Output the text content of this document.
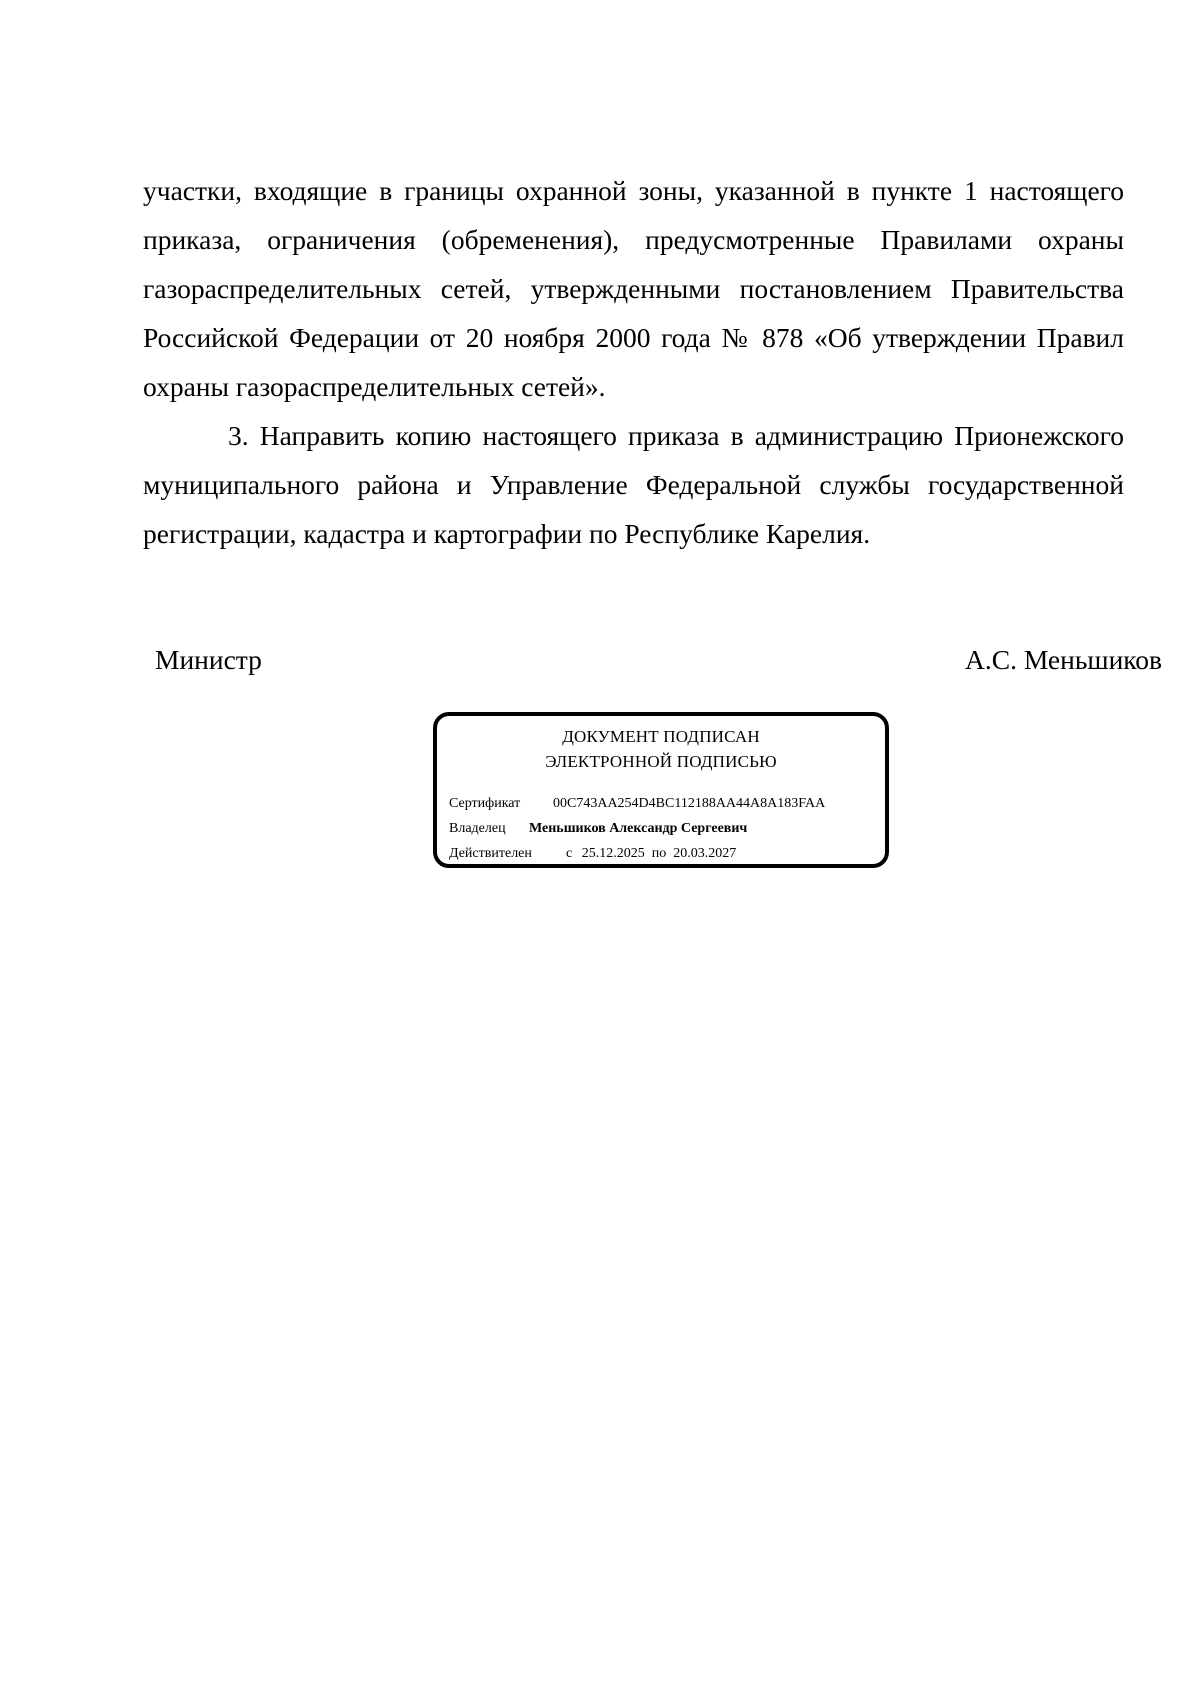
участки, входящие в границы охранной зоны, указанной в пункте 1 настоящего приказа, ограничения (обременения), предусмотренные Правилами охраны газораспределительных сетей, утвержденными постановлением Правительства Российской Федерации от 20 ноября 2000 года № 878 «Об утверждении Правил охраны газораспределительных сетей».

3. Направить копию настоящего приказа в администрацию Прионежского муниципального района и Управление Федеральной службы государственной регистрации, кадастра и картографии по Республике Карелия.

Министр	А.С. Меньшиков
ДОКУМЕНТ ПОДПИСАН
ЭЛЕКТРОННОЙ ПОДПИСЬЮ
Сертификат 00C743AA254D4BC112188AA44A8A183FAA
Владелец Меньшиков Александр Сергеевич
Действителен с 25.12.2025 по 20.03.2027
